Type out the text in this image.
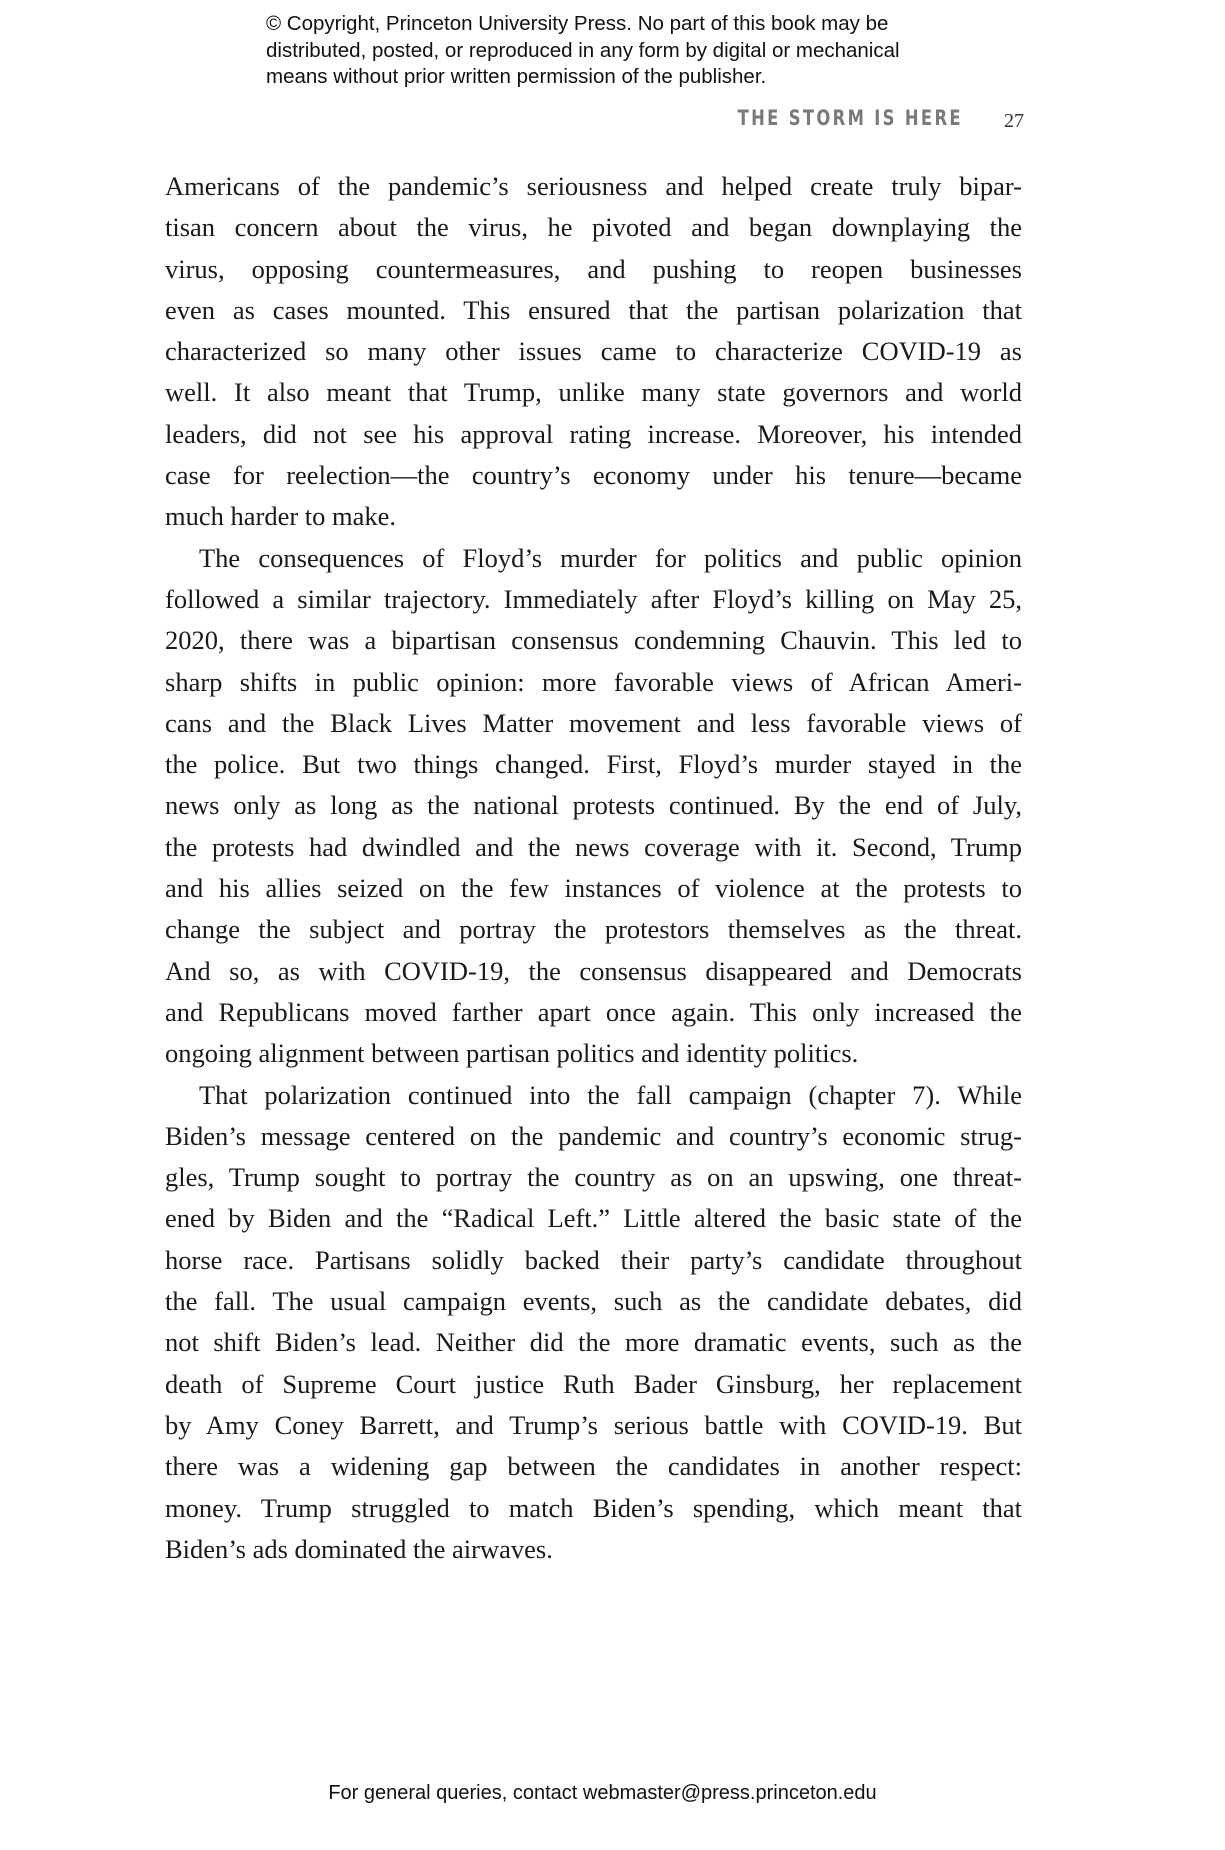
© Copyright, Princeton University Press. No part of this book may be
distributed, posted, or reproduced in any form by digital or mechanical
means without prior written permission of the publisher.
THE STORM IS HERE 27
Americans of the pandemic’s seriousness and helped create truly bipar-
tisan concern about the virus, he pivoted and began downplaying the
virus, opposing countermeasures, and pushing to reopen businesses
even as cases mounted. This ensured that the partisan polarization that
characterized so many other issues came to characterize COVID-19 as
well. It also meant that Trump, unlike many state governors and world
leaders, did not see his approval rating increase. Moreover, his intended
case for reelection—the country’s economy under his tenure—became
much harder to make.
The consequences of Floyd’s murder for politics and public opinion
followed a similar trajectory. Immediately after Floyd’s killing on May 25,
2020, there was a bipartisan consensus condemning Chauvin. This led to
sharp shifts in public opinion: more favorable views of African Ameri-
cans and the Black Lives Matter movement and less favorable views of
the police. But two things changed. First, Floyd’s murder stayed in the
news only as long as the national protests continued. By the end of July,
the protests had dwindled and the news coverage with it. Second, Trump
and his allies seized on the few instances of violence at the protests to
change the subject and portray the protestors themselves as the threat.
And so, as with COVID-19, the consensus disappeared and Democrats
and Republicans moved farther apart once again. This only increased the
ongoing alignment between partisan politics and identity politics.
That polarization continued into the fall campaign (chapter 7). While
Biden’s message centered on the pandemic and country’s economic strug-
gles, Trump sought to portray the country as on an upswing, one threat-
ened by Biden and the “Radical Left.” Little altered the basic state of the
horse race. Partisans solidly backed their party’s candidate throughout
the fall. The usual campaign events, such as the candidate debates, did
not shift Biden’s lead. Neither did the more dramatic events, such as the
death of Supreme Court justice Ruth Bader Ginsburg, her replacement
by Amy Coney Barrett, and Trump’s serious battle with COVID-19. But
there was a widening gap between the candidates in another respect:
money. Trump struggled to match Biden’s spending, which meant that
Biden’s ads dominated the airwaves.
For general queries, contact webmaster@press.princeton.edu
